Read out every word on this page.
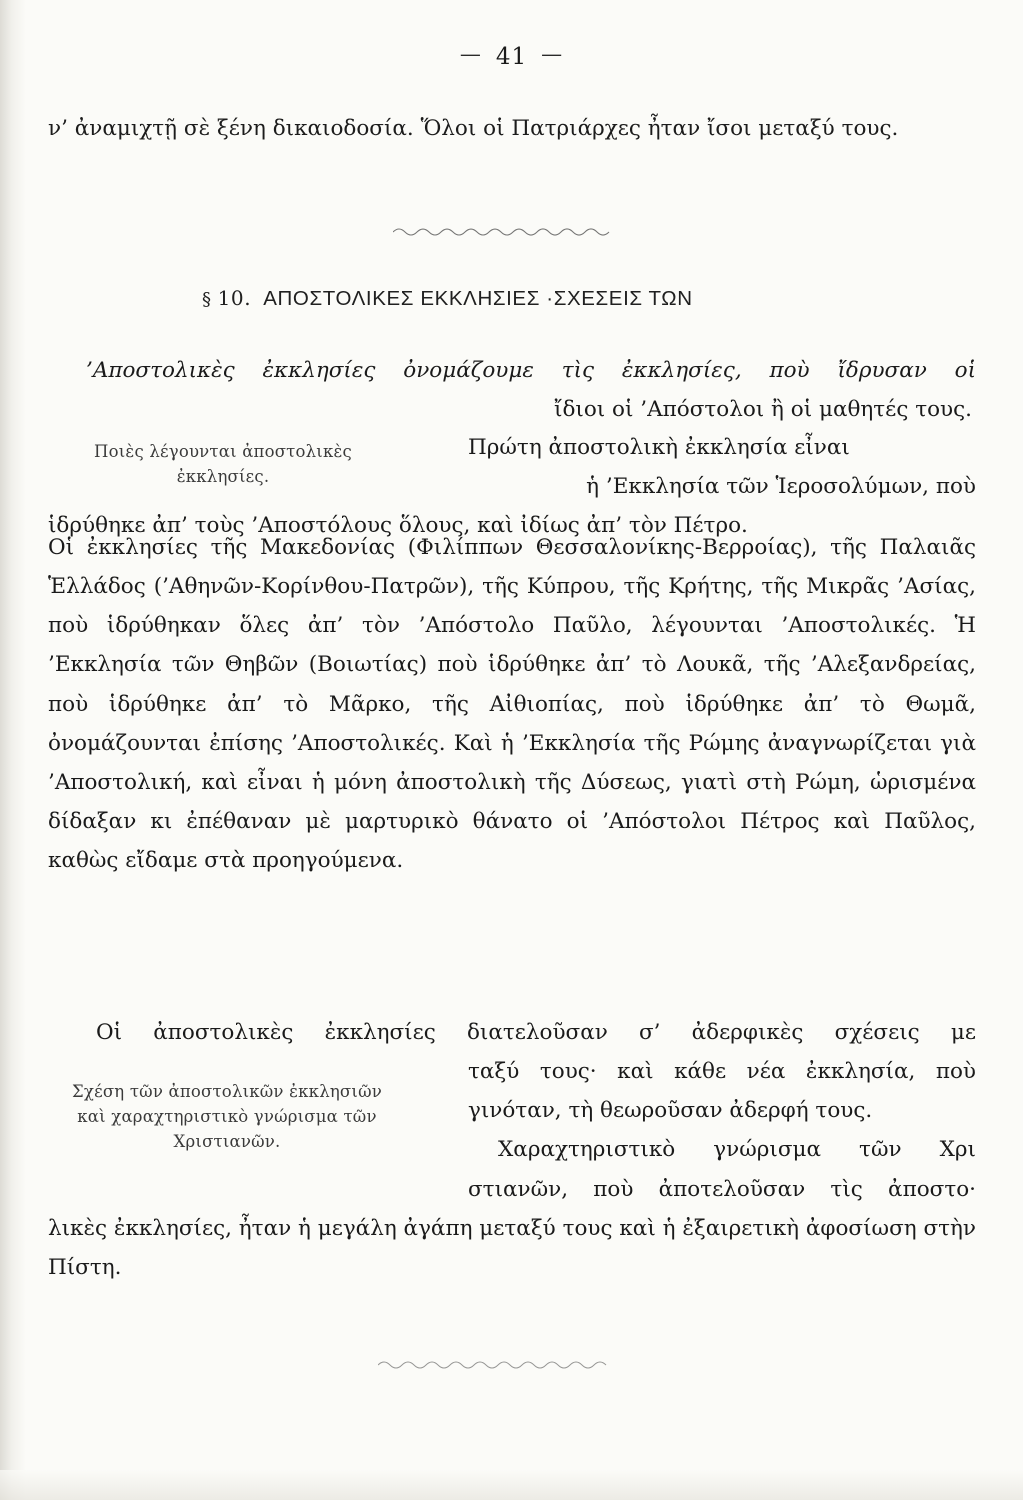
— 41 —
ν’ ἀναμιχτῇ σὲ ξένη δικαιοδοσία. Ὅλοι οἱ Πατριάρχες ἦταν ἴσοι μεταξύ τους.
§ 10. ΑΠΟΣΤΟΛΙΚΕΣ ΕΚΚΛΗΣΙΕΣ ·ΣΧΕΣΕΙΣ ΤΩΝ
’Αποστολικὲς ἐκκλησίες ὀνομάζουμε τὶς ἐκκλησίες, ποὺ ἴδρυσαν οἱ
ἴδιοι οἱ ’Απόστολοι ἢ οἱ μαθητές τους.
Πρώτη ἀποστολικὴ ἐκκλησία εἶναι
ἡ ’Εκκλησία τῶν Ἱεροσολύμων, ποὺ
ἱδρύθηκε ἀπ’ τοὺς ’Αποστόλους ὅλους, καὶ ἰδίως ἀπ’ τὸν Πέτρο.
Ποιὲς λέγουνται ἀποστολικὲς ἐκκλησίες.
Οἱ ἐκκλησίες τῆς Μακεδονίας (Φιλίππων Θεσσαλονίκης-Βερροίας), τῆς Παλαιᾶς Ἑλλάδος (’Αθηνῶν-Κορίνθου-Πατρῶν), τῆς Κύπρου, τῆς Κρήτης, τῆς Μικρᾶς ’Ασίας, ποὺ ἱδρύθηκαν ὅλες ἀπ’ τὸν ’Απόστολο Παῦλο, λέγουνται ’Αποστολικές. Ἡ ’Εκκλησία τῶν Θηβῶν (Βοιωτίας) ποὺ ἱδρύθηκε ἀπ’ τὸ Λουκᾶ, τῆς ’Αλεξανδρείας, ποὺ ἱδρύθηκε ἀπ’ τὸ Μᾶρκο, τῆς Αἰθιοπίας, ποὺ ἱδρύθηκε ἀπ’ τὸ Θωμᾶ, ὀνομάζουνται ἐπίσης ’Αποστολικές. Καὶ ἡ ’Εκκλησία τῆς Ρώμης ἀναγνωρίζεται γιὰ ’Αποστολική, καὶ εἶναι ἡ μόνη ἀποστολικὴ τῆς Δύσεως, γιατὶ στὴ Ρώμη, ὡρισμένα δίδαξαν κι ἐπέθαναν μὲ μαρτυρικὸ θάνατο οἱ ’Απόστολοι Πέτρος καὶ Παῦλος, καθὼς εἴδαμε στὰ προηγούμενα.
Σχέση τῶν ἀποστολικῶν ἐκκλησιῶν καὶ χαραχτηριστικὸ γνώρισμα τῶν Χριστιανῶν.
Οἱ ἀποστολικὲς ἐκκλησίες διατελοῦσαν σ’ ἀδερφικὲς σχέσεις με
ταξύ τους· καὶ κάθε νέα ἐκκλησία, ποὺ
γινόταν, τὴ θεωροῦσαν ἀδερφή τους.
Χαραχτηριστικὸ γνώρισμα τῶν Χρι
στιανῶν, ποὺ ἀποτελοῦσαν τὶς ἀποστο·
λικὲς ἐκκλησίες, ἦταν ἡ μεγάλη ἀγάπη μεταξύ τους καὶ ἡ ἐξαιρετικὴ ἀφοσίωση στὴν Πίστη.
